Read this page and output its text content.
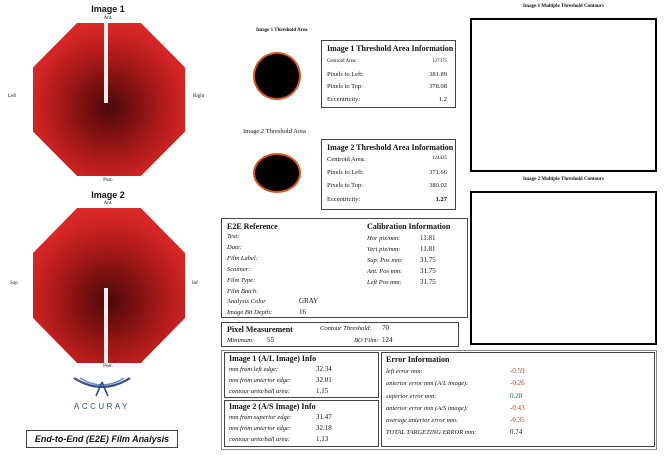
Image 1
Ant.
Left	Right
Post.
Image 2
Ant.
Sup	Inf
Post.
ACCURAY
End-to-End (E2E) Film Analysis
Image 1 Threshold Area
Image 2 Threshold Area
Image 1 Threshold Area Information
Centroid Area:	127375
Pixels to Left:	381.89
Pixels to Top:	378.08
Eccentricity:	1.2
Image 2 Threshold Area Information
Centroid Area:	124425
Pixels to Left:	371.66
Pixels to Top:	380.02
Eccentricity:	1.27
Image 1 Multiple Threshold Contours
Image 2 Multiple Threshold Contours
E2E Reference
Test:
Date:
Film Label:
Scanner:
Film Type:
Film Batch:
Analysis Color	GRAY
Image Bit Depth:	16
Calibration Information
Hor pix/mm:	11.81
Vert pix/mm:	11.81
Sup. Pos mm: 31.75
Ant. Pos mm:	31.75
Left Pos mm:	31.75
Pixel Measurement	Contour Threshold: 70
Minimum: 55	BO Film: 124
Image 1 (A/L Image) Info
mm from left edge:	32.34
mm from anterior edge:	32.01
contour area/ball area:	1.15
Image 2 (A/S Image) Info
mm from superior edge:	31.47
mm from anterior edge:	32.18
contour area/ball area:	1.13
Error Information
left error mm:	-0.59
anterior error mm (A/L image):	-0.26
superior error mm:	0.28
anterior error mm (A/S image):	-0.43
average anterior error mm:	-0.35
TOTAL TARGETING ERROR mm:	0.74
